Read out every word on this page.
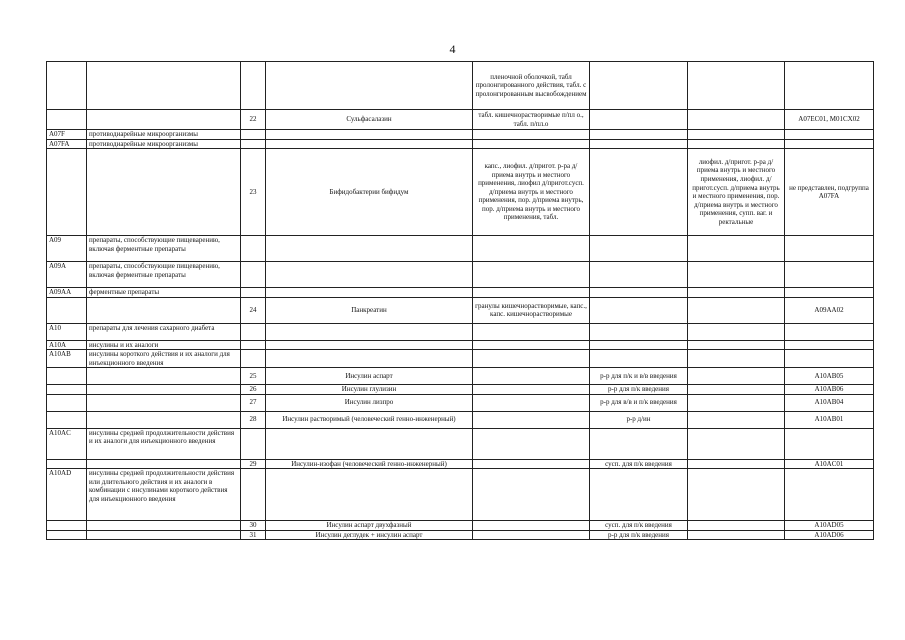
4
				пленочной оболочкой, табл пролонгированного действия, табл. с пролонгированным высвобождением			
		22	Сульфасалазин	табл. кишечнорастворимые п/пл о., табл. п/пл.о			A07EC01, M01CX02
A07F	противодиарейные микроорганизмы						
A07FA	противодиарейные микроорганизмы						
		23	Бифидобактерии бифидум	капс., лиофил. д/пригот. р-ра д/приема внутрь и местного применения, лиофил д/пригот.сусп. д/приема внутрь и местного применения, пор. д/приема внутрь, пор. д/приема внутрь и местного применения, табл.		лиофил. д/пригот. р-ра д/приема внутрь и местного применения, лиофил. д/пригот.сусп. д/приема внутрь и местного применения, пор. д/приема внутрь и местного применения, супп. ваг. и ректальные	не представлен, подгруппа A07FA
A09	препараты, способствующие пищеварению, включая ферментные препараты						
A09A	препараты, способствующие пищеварению, включая ферментные препараты						
A09AA	ферментные препараты						
		24	Панкреатин	гранулы кишечнорастворимые, капс., капс. кишечнорастворимые			A09AA02
A10	препараты для лечения сахарного диабета						
A10A	инсулины и их аналоги						
A10AB	инсулины короткого действия и их аналоги для инъекционного введения						
		25	Инсулин аспарт		р-р для п/к и в/в введения		A10AB05
		26	Инсулин глулизин		р-р для п/к введения		A10AB06
		27	Инсулин лизпро		р-р для в/в и п/к введения		A10AB04
		28	Инсулин растворимый (человеческий генно-инженерный)		р-р д/ин		A10AB01
A10AC	инсулины средней продолжительности действия и их аналоги для инъекционного введения						
		29	Инсулин-изофан (человеческий генно-инженерный)		сусп. для п/к введения		A10AC01
A10AD	инсулины средней продолжительности действия или длительного действия и их аналоги в комбинации с инсулинами короткого действия для инъекционного введения						
		30	Инсулин аспарт двухфазный		сусп. для п/к введения		A10AD05
		31	Инсулин деглудек + инсулин аспарт		р-р для п/к введения		A10AD06
